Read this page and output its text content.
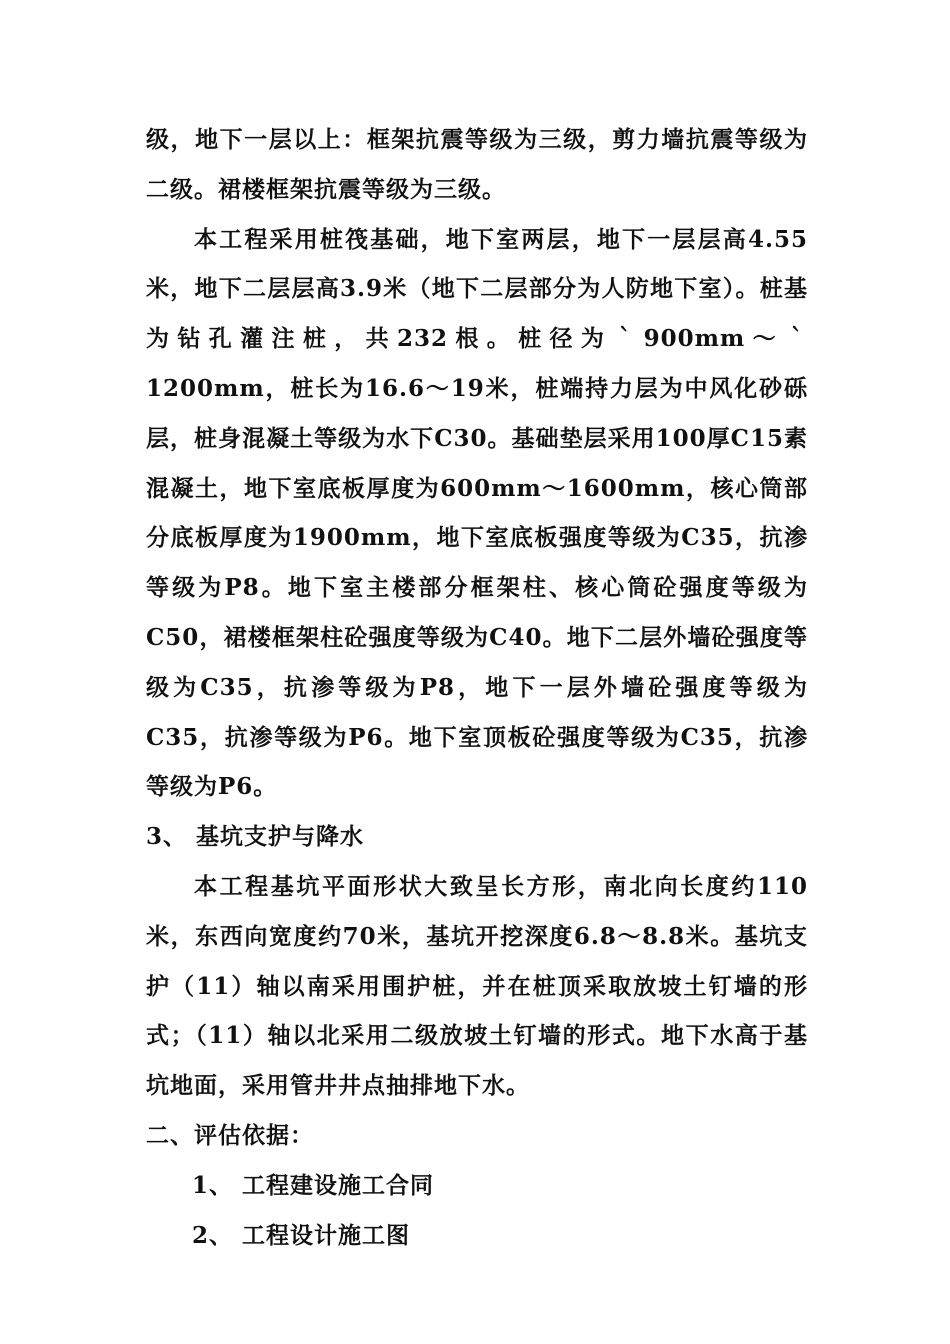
级，地下一层以上：框架抗震等级为三级，剪力墙抗震等级为二级。裙楼框架抗震等级为三级。

本工程采用桩筏基础，地下室两层，地下一层层高4.55米，地下二层层高3.9米（地下二层部分为人防地下室）。桩基为钻孔灌注桩，共232根。桩径为｀900mm～｀1200mm，桩长为16.6～19米，桩端持力层为中风化砂砾层，桩身混凝土等级为水下C30。基础垫层采用100厚C15素混凝土，地下室底板厚度为600mm～1600mm，核心筒部分底板厚度为1900mm，地下室底板强度等级为C35，抗渗等级为P8。地下室主楼部分框架柱、核心筒砼强度等级为C50，裙楼框架柱砼强度等级为C40。地下二层外墙砼强度等级为C35，抗渗等级为P8，地下一层外墙砼强度等级为C35，抗渗等级为P6。地下室顶板砼强度等级为C35，抗渗等级为P6。

3、 基坑支护与降水

本工程基坑平面形状大致呈长方形，南北向长度约110米，东西向宽度约70米，基坑开挖深度6.8～8.8米。基坑支护（11）轴以南采用围护桩，并在桩顶采取放坡土钉墙的形式；（11）轴以北采用二级放坡土钉墙的形式。地下水高于基坑地面，采用管井井点抽排地下水。

二、评估依据：

1、 工程建设施工合同

2、 工程设计施工图
